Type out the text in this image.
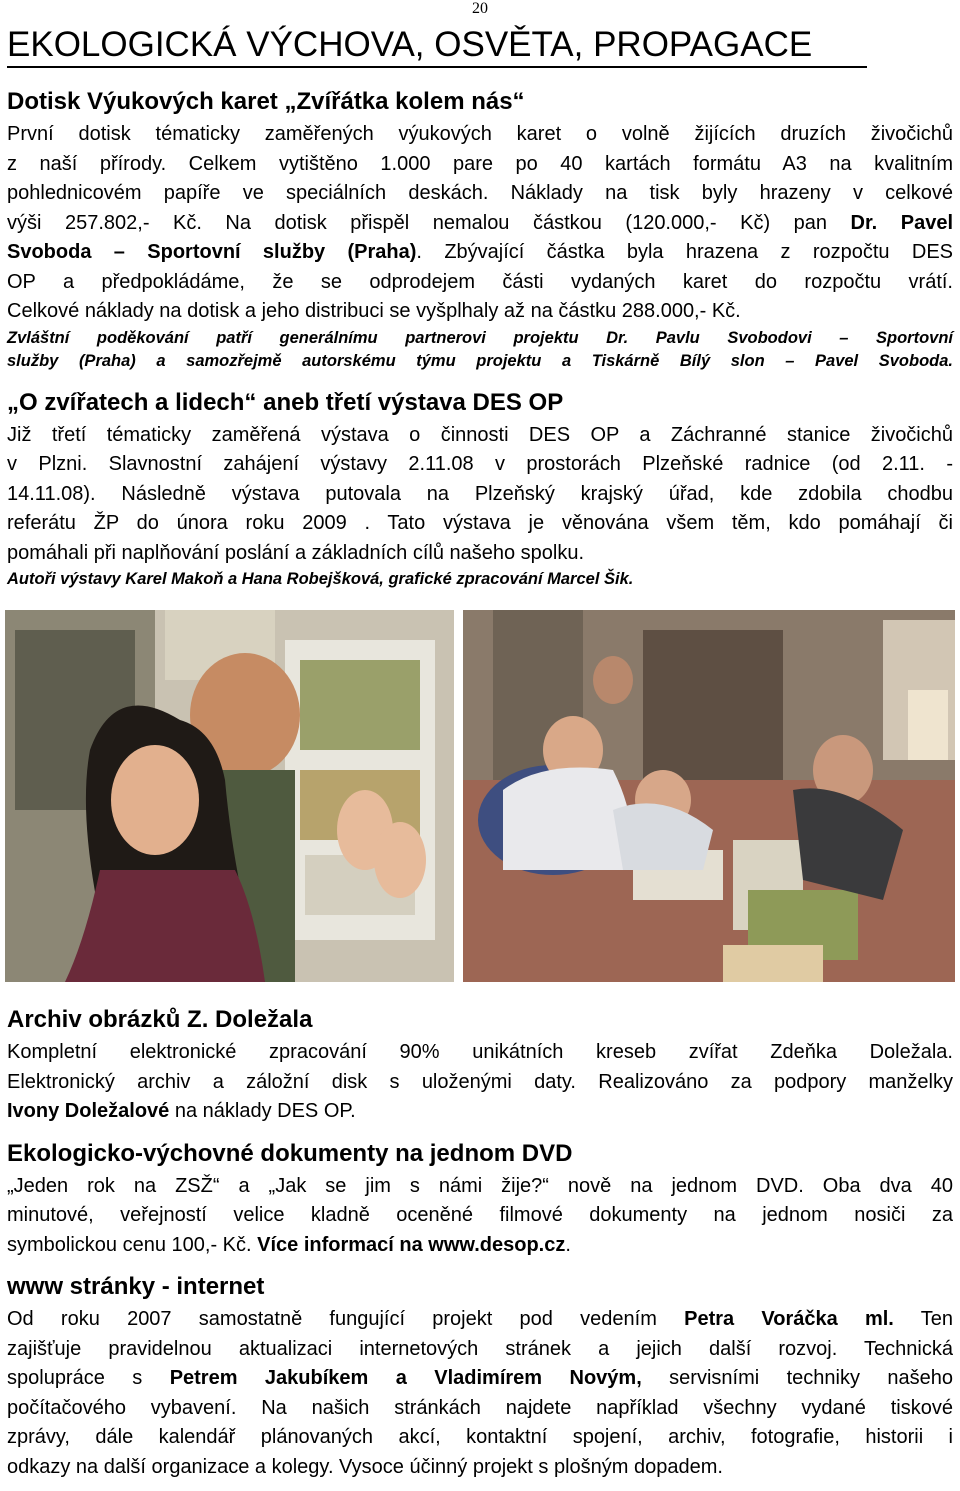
20
EKOLOGICKÁ VÝCHOVA, OSVĚTA, PROPAGACE
Dotisk Výukových karet „Zvířátka kolem nás“

První dotisk tématicky zaměřených výukových karet o volně žijících druzích živočichů

z naší přírody. Celkem vytištěno 1.000 pare po 40 kartách formátu A3 na kvalitním

pohlednicovém papíře ve speciálních deskách. Náklady na tisk byly hrazeny v celkové

výši 257.802,- Kč. Na dotisk přispěl nemalou částkou (120.000,- Kč) pan Dr. Pavel

Svoboda – Sportovní služby (Praha). Zbývající částka byla hrazena z rozpočtu DES

OP a předpokládáme, že se odprodejem části vydaných karet do rozpočtu vrátí.

Celkové náklady na dotisk a jeho distribuci se vyšplhaly až na částku 288.000,- Kč.

Zvláštní poděkování patří generálnímu partnerovi projektu Dr. Pavlu Svobodovi – Sportovní

služby (Praha) a samozřejmě autorskému týmu projektu a Tiskárně Bílý slon – Pavel Svoboda.

„O zvířatech a lidech“ aneb třetí výstava DES OP

Již třetí tématicky zaměřená výstava o činnosti DES OP a Záchranné stanice živočichů

v Plzni. Slavnostní zahájení výstavy 2.11.08 v prostorách Plzeňské radnice (od 2.11. -

14.11.08). Následně výstava putovala na Plzeňský krajský úřad, kde zdobila chodbu

referátu ŽP do února roku 2009 . Tato výstava je věnována všem těm, kdo pomáhají či

pomáhali při naplňování poslání a základních cílů našeho spolku.

Autoři výstavy Karel Makoň a Hana Robejšková, grafické zpracování Marcel Šik.

Archiv obrázků Z. Doležala

Kompletní elektronické zpracování 90% unikátních kreseb zvířat Zdeňka Doležala.

Elektronický archiv a záložní disk s uloženými daty. Realizováno za podpory manželky

Ivony Doležalové na náklady DES OP.

Ekologicko-výchovné dokumenty na jednom DVD

„Jeden rok na ZSŽ“ a „Jak se jim s námi žije?“ nově na jednom DVD. Oba dva 40

minutové, veřejností velice kladně oceněné filmové dokumenty na jednom nosiči za

symbolickou cenu 100,- Kč. Více informací na www.desop.cz.

www stránky - internet

Od roku 2007 samostatně fungující projekt pod vedením Petra Voráčka ml. Ten

zajišťuje pravidelnou aktualizaci internetových stránek a jejich další rozvoj. Technická

spolupráce s Petrem Jakubíkem a Vladimírem Novým, servisními techniky našeho

počítačového vybavení. Na našich stránkách najdete například všechny vydané tiskové

zprávy, dále kalendář plánovaných akcí, kontaktní spojení, archiv, fotografie, historii i

odkazy na další organizace a kolegy. Vysoce účinný projekt s plošným dopadem.
